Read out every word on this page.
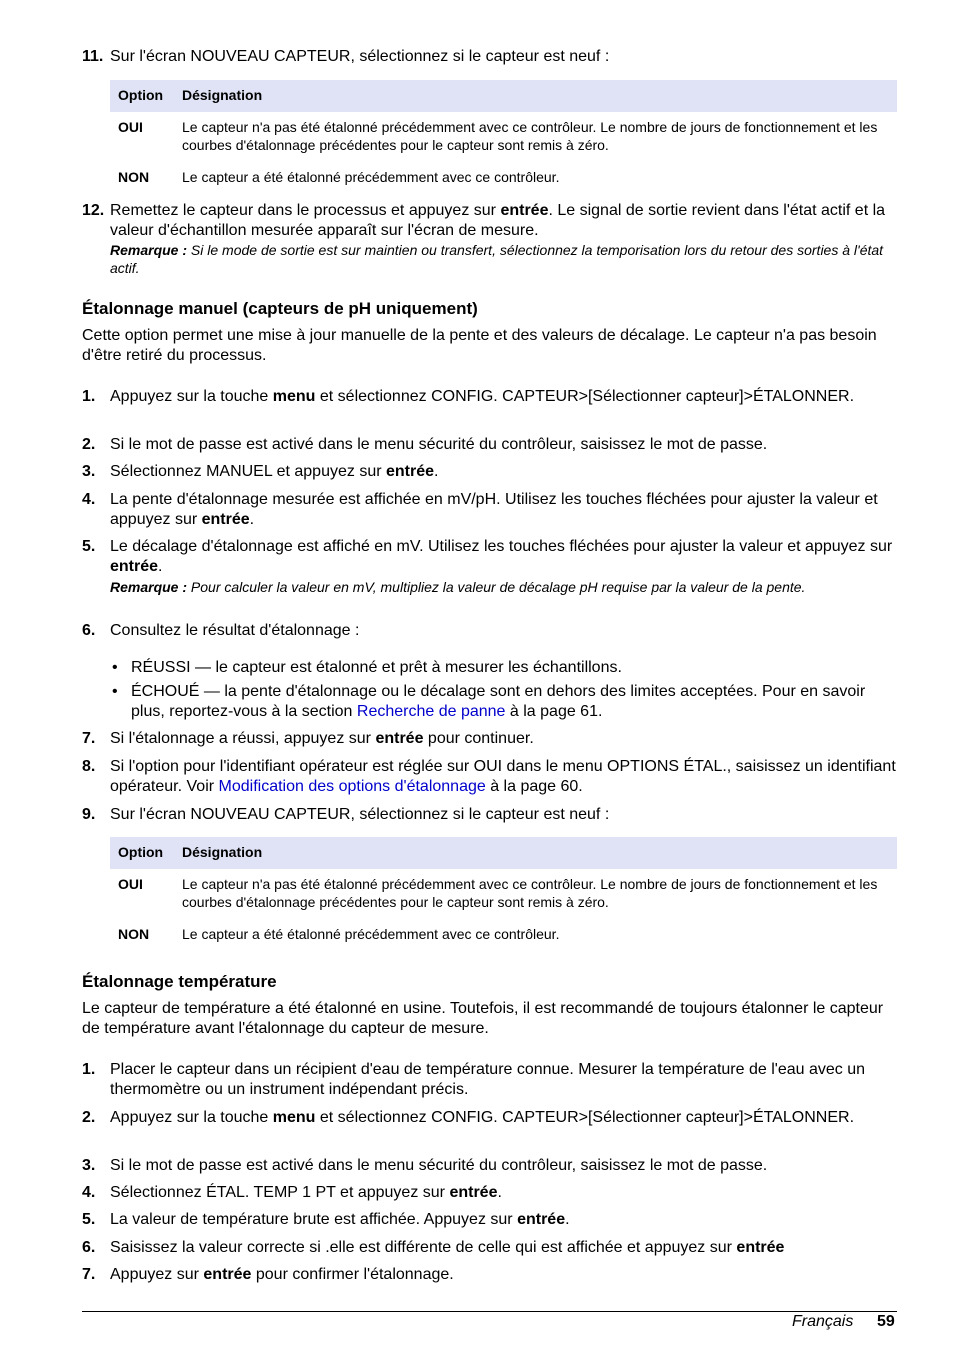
11. Sur l'écran NOUVEAU CAPTEUR, sélectionnez si le capteur est neuf :
Option Désignation
OUI	Le capteur n'a pas été étalonné précédemment avec ce contrôleur. Le nombre de jours de fonctionnement et les courbes d'étalonnage précédentes pour le capteur sont remis à zéro.
NON Le capteur a été étalonné précédemment avec ce contrôleur.
12. Remettez le capteur dans le processus et appuyez sur entrée. Le signal de sortie revient dans l'état actif et la valeur d'échantillon mesurée apparaît sur l'écran de mesure.
Remarque : Si le mode de sortie est sur maintien ou transfert, sélectionnez la temporisation lors du retour des sorties à l'état actif.
Étalonnage manuel (capteurs de pH uniquement)
Cette option permet une mise à jour manuelle de la pente et des valeurs de décalage. Le capteur n'a pas besoin d'être retiré du processus.
1. Appuyez sur la touche menu et sélectionnez CONFIG. CAPTEUR>[Sélectionner capteur]>ÉTALONNER.
2. Si le mot de passe est activé dans le menu sécurité du contrôleur, saisissez le mot de passe.
3. Sélectionnez MANUEL et appuyez sur entrée.
4. La pente d'étalonnage mesurée est affichée en mV/pH. Utilisez les touches fléchées pour ajuster la valeur et appuyez sur entrée.
5. Le décalage d'étalonnage est affiché en mV. Utilisez les touches fléchées pour ajuster la valeur et appuyez sur entrée.
Remarque : Pour calculer la valeur en mV, multipliez la valeur de décalage pH requise par la valeur de la pente.
6. Consultez le résultat d'étalonnage :
• RÉUSSI — le capteur est étalonné et prêt à mesurer les échantillons.
• ÉCHOUÉ — la pente d'étalonnage ou le décalage sont en dehors des limites acceptées. Pour en savoir plus, reportez-vous à la section Recherche de panne à la page 61.
7. Si l'étalonnage a réussi, appuyez sur entrée pour continuer.
8. Si l'option pour l'identifiant opérateur est réglée sur OUI dans le menu OPTIONS ÉTAL., saisissez un identifiant opérateur. Voir Modification des options d'étalonnage à la page 60.
9. Sur l'écran NOUVEAU CAPTEUR, sélectionnez si le capteur est neuf :
Option Désignation
OUI	Le capteur n'a pas été étalonné précédemment avec ce contrôleur. Le nombre de jours de fonctionnement et les courbes d'étalonnage précédentes pour le capteur sont remis à zéro.
NON Le capteur a été étalonné précédemment avec ce contrôleur.
Étalonnage température
Le capteur de température a été étalonné en usine. Toutefois, il est recommandé de toujours étalonner le capteur de température avant l'étalonnage du capteur de mesure.
1. Placer le capteur dans un récipient d'eau de température connue. Mesurer la température de l'eau avec un thermomètre ou un instrument indépendant précis.
2. Appuyez sur la touche menu et sélectionnez CONFIG. CAPTEUR>[Sélectionner capteur]>ÉTALONNER.
3. Si le mot de passe est activé dans le menu sécurité du contrôleur, saisissez le mot de passe.
4. Sélectionnez ÉTAL. TEMP 1 PT et appuyez sur entrée.
5. La valeur de température brute est affichée. Appuyez sur entrée.
6. Saisissez la valeur correcte si .elle est différente de celle qui est affichée et appuyez sur entrée
7. Appuyez sur entrée pour confirmer l'étalonnage.
Français 59
